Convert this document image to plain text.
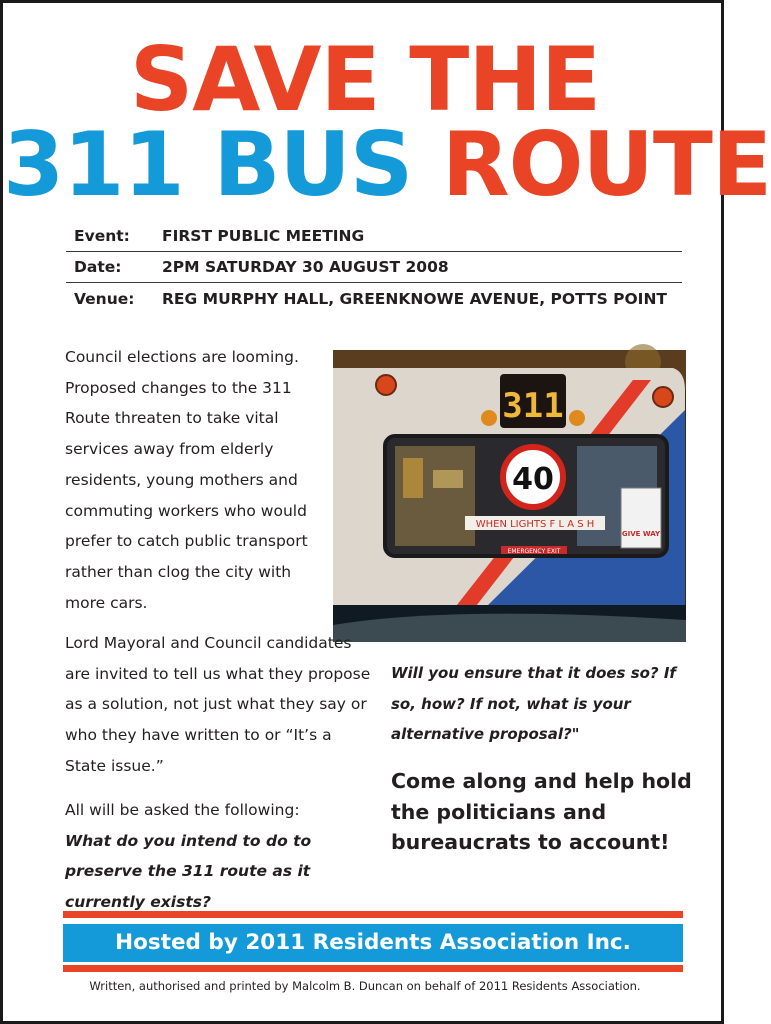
SAVE THE
311 BUS ROUTE
Event:	FIRST PUBLIC MEETING
Date:	2PM SATURDAY 30 AUGUST 2008
Venue:	REG MURPHY HALL, GREENKNOWE AVENUE, POTTS POINT

Council elections are looming. Proposed changes to the 311 Route threaten to take vital services away from elderly residents, young mothers and commuting workers who would prefer to catch public transport rather than clog the city with more cars.

311
40
WHEN LIGHTS F L A S H
GIVE WAY
EMERGENCY EXIT

Lord Mayoral and Council candidates are invited to tell us what they propose as a solution, not just what they say or who they have written to or “It’s a State issue.”

All will be asked the following:
What do you intend to do to preserve the 311 route as it currently exists?

Will you ensure that it does so? If so, how? If not, what is your alternative proposal?"

Come along and help hold the politicians and bureaucrats to account!

Hosted by 2011 Residents Association Inc.
Written, authorised and printed by Malcolm B. Duncan on behalf of 2011 Residents Association.
